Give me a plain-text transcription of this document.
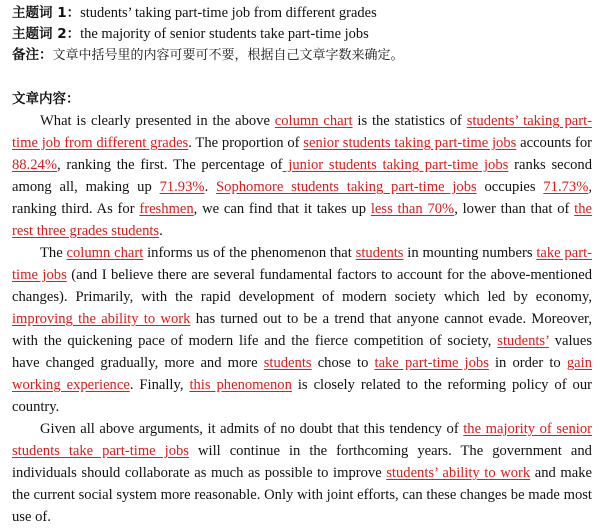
主题词 1：students’ taking part-time job from different grades
主题词 2：the majority of senior students take part-time jobs
备注：文章中括号里的内容可要可不要，根据自己文章字数来确定。
文章内容：

What is clearly presented in the above column chart is the statistics of students’ taking part-time job from different grades. The proportion of senior students taking part-time jobs accounts for 88.24%, ranking the first. The percentage of junior students taking part-time jobs ranks second among all, making up 71.93%. Sophomore students taking part-time jobs occupies 71.73%, ranking third. As for freshmen, we can find that it takes up less than 70%, lower than that of the rest three grades students.

The column chart informs us of the phenomenon that students in mounting numbers take part-time jobs (and I believe there are several fundamental factors to account for the above-mentioned changes). Primarily, with the rapid development of modern society which led by economy, improving the ability to work has turned out to be a trend that anyone cannot evade. Moreover, with the quickening pace of modern life and the fierce competition of society, students’ values have changed gradually, more and more students chose to take part-time jobs in order to gain working experience. Finally, this phenomenon is closely related to the reforming policy of our country.

Given all above arguments, it admits of no doubt that this tendency of the majority of senior students take part-time jobs will continue in the forthcoming years. The government and individuals should collaborate as much as possible to improve students’ ability to work and make the current social system more reasonable. Only with joint efforts, can these changes be made most use of.
